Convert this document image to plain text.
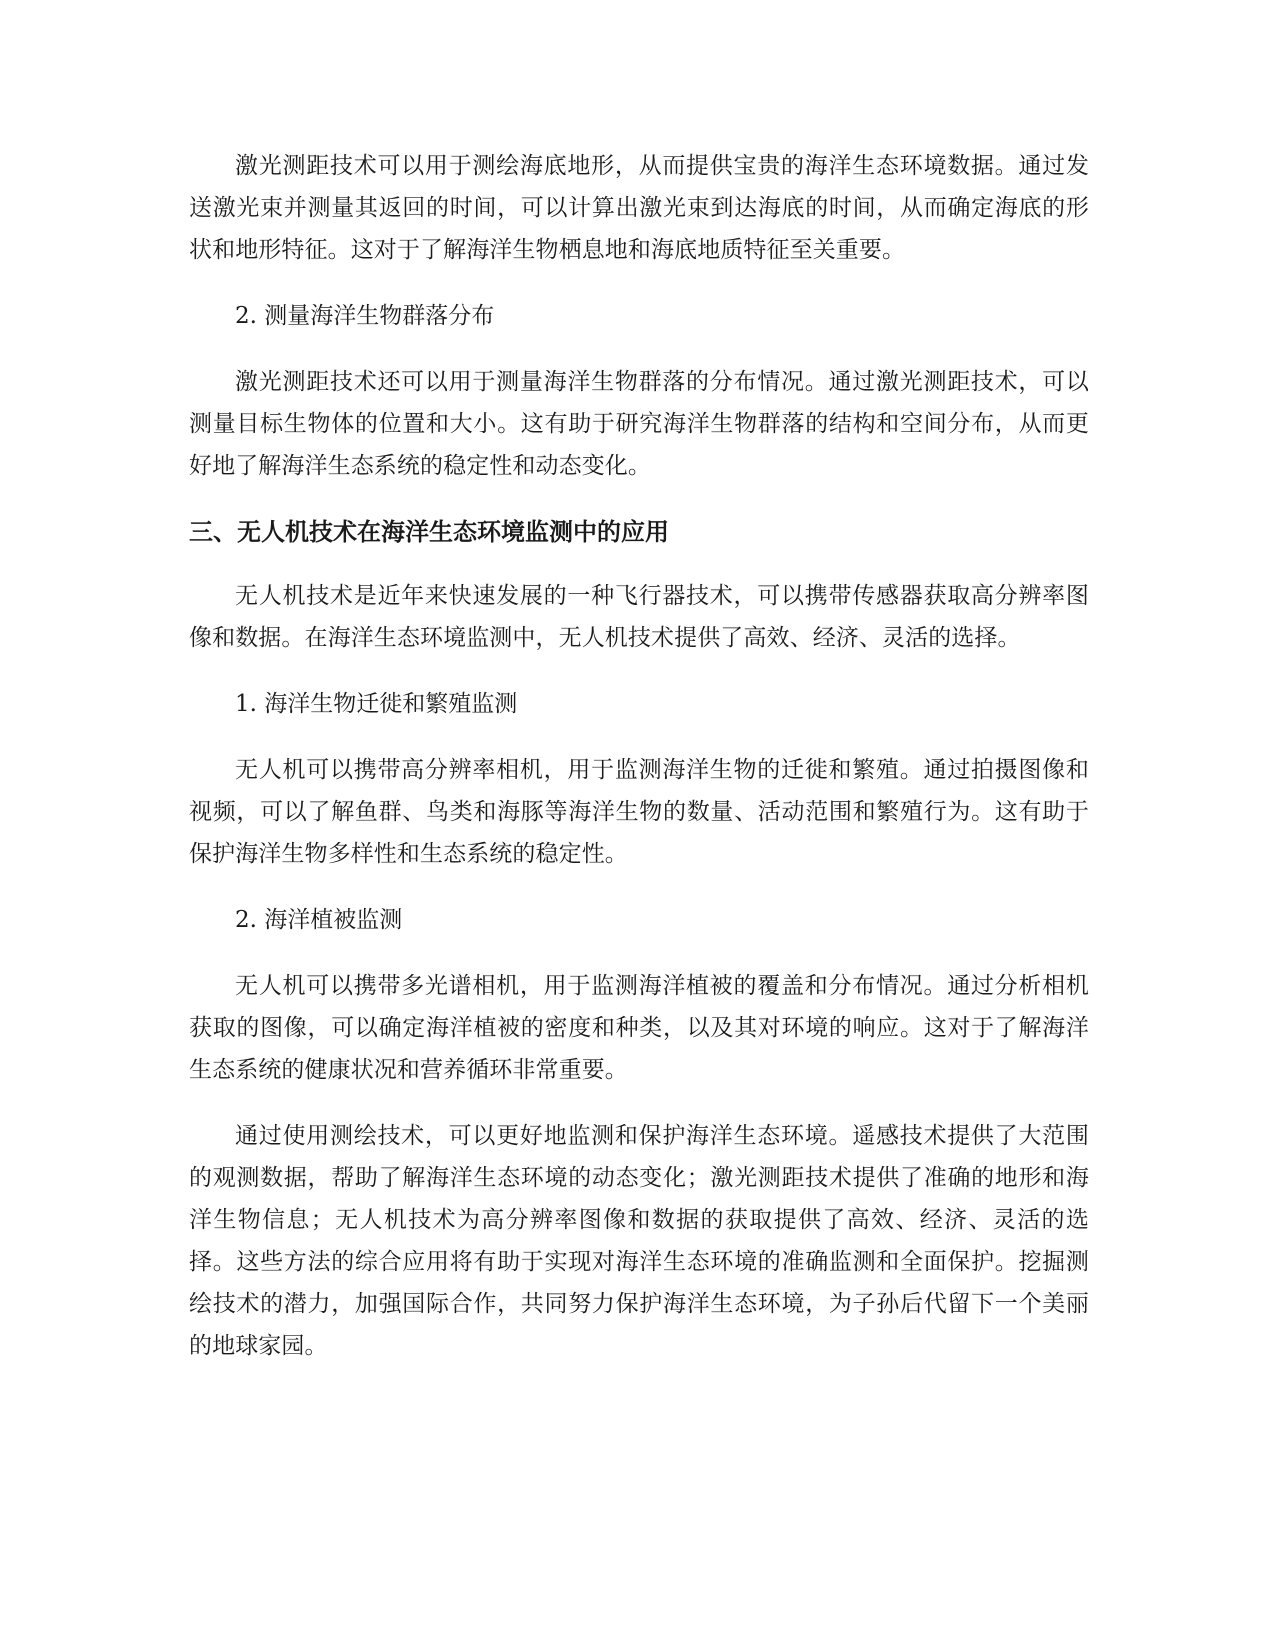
激光测距技术可以用于测绘海底地形，从而提供宝贵的海洋生态环境数据。通过发送激光束并测量其返回的时间，可以计算出激光束到达海底的时间，从而确定海底的形状和地形特征。这对于了解海洋生物栖息地和海底地质特征至关重要。

2. 测量海洋生物群落分布

激光测距技术还可以用于测量海洋生物群落的分布情况。通过激光测距技术，可以测量目标生物体的位置和大小。这有助于研究海洋生物群落的结构和空间分布，从而更好地了解海洋生态系统的稳定性和动态变化。

三、无人机技术在海洋生态环境监测中的应用

无人机技术是近年来快速发展的一种飞行器技术，可以携带传感器获取高分辨率图像和数据。在海洋生态环境监测中，无人机技术提供了高效、经济、灵活的选择。

1. 海洋生物迁徙和繁殖监测

无人机可以携带高分辨率相机，用于监测海洋生物的迁徙和繁殖。通过拍摄图像和视频，可以了解鱼群、鸟类和海豚等海洋生物的数量、活动范围和繁殖行为。这有助于保护海洋生物多样性和生态系统的稳定性。

2. 海洋植被监测

无人机可以携带多光谱相机，用于监测海洋植被的覆盖和分布情况。通过分析相机获取的图像，可以确定海洋植被的密度和种类，以及其对环境的响应。这对于了解海洋生态系统的健康状况和营养循环非常重要。

通过使用测绘技术，可以更好地监测和保护海洋生态环境。遥感技术提供了大范围的观测数据，帮助了解海洋生态环境的动态变化；激光测距技术提供了准确的地形和海洋生物信息；无人机技术为高分辨率图像和数据的获取提供了高效、经济、灵活的选择。这些方法的综合应用将有助于实现对海洋生态环境的准确监测和全面保护。挖掘测绘技术的潜力，加强国际合作，共同努力保护海洋生态环境，为子孙后代留下一个美丽的地球家园。
